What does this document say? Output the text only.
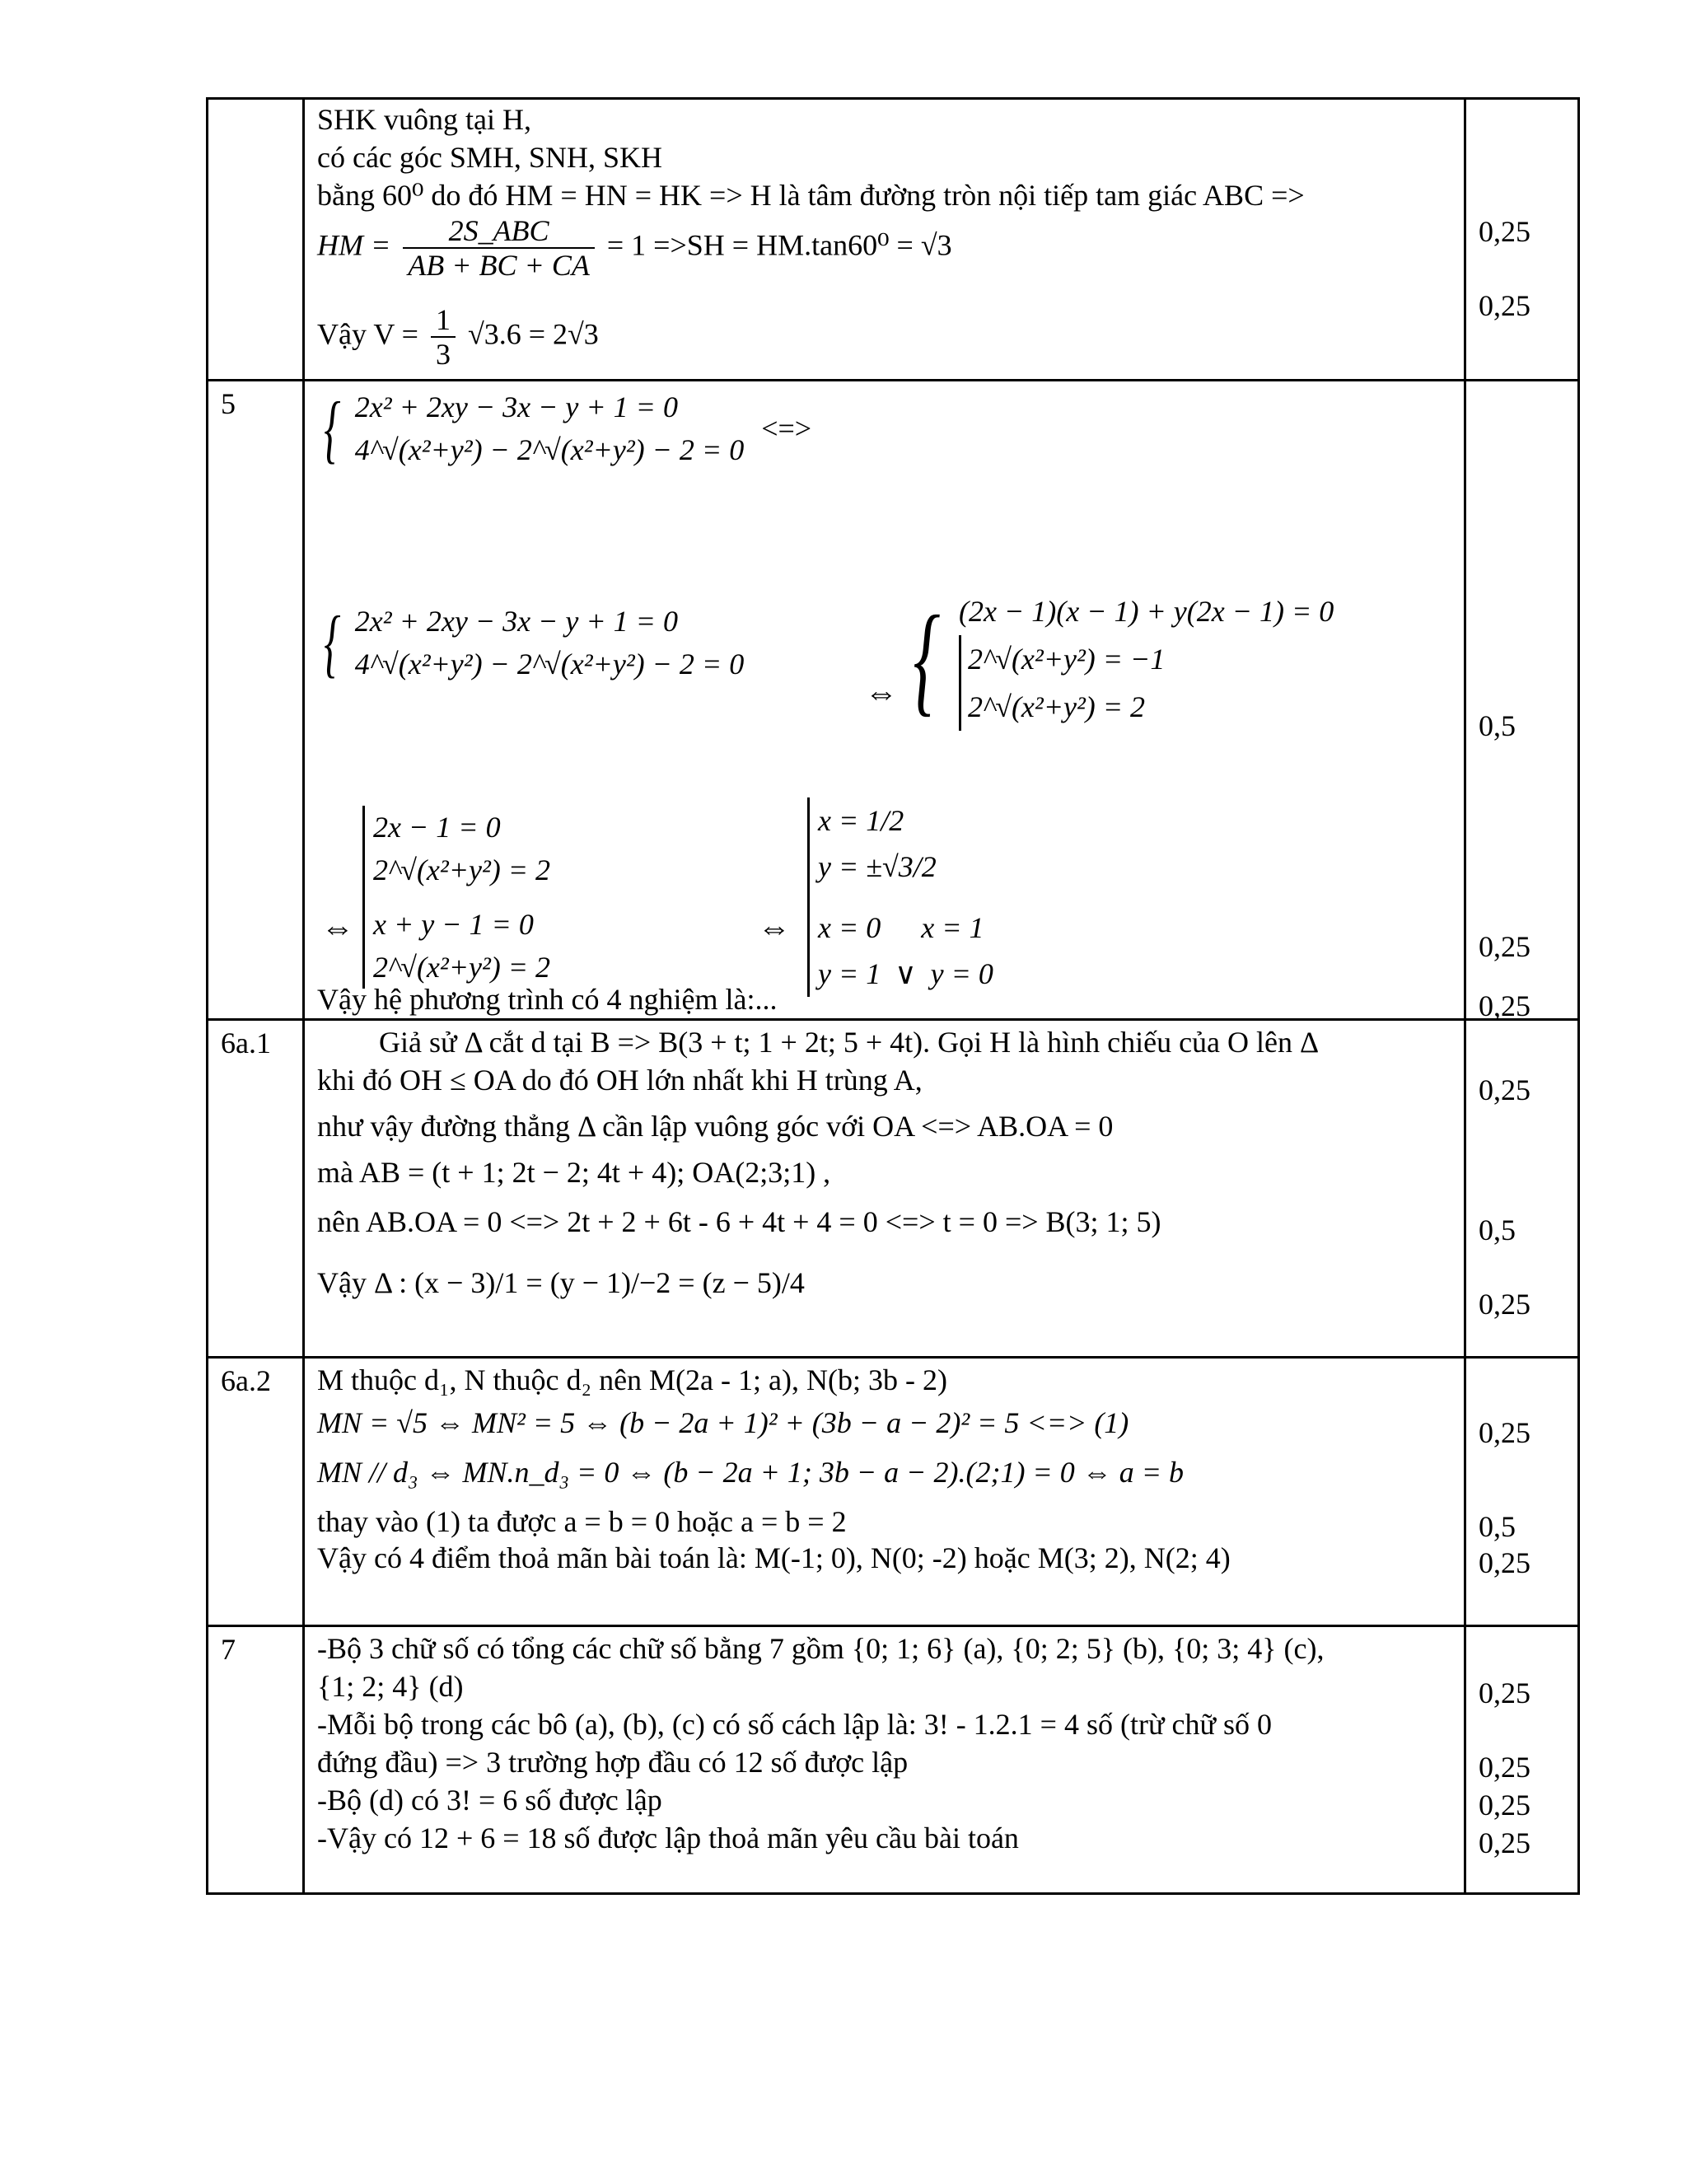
SHK vuông tại H,
có các góc SMH, SNH, SKH
bằng 60⁰ do đó HM = HN = HK => H là tâm đường tròn nội tiếp tam giác ABC =>
HM = $\frac{\text{2S\_ABC}}{AB + BC + CA} = 1 =>SH = HM.\tan 60^0 = √3$
Vậy $V = \frac{1}{3} √3.6 = 2√3$
0,25
0,25
5 { 2x² + 2xy − 3x − y + 1 = 0
4^√(x²+y²) − 2^√(x²+y²) − 2 = 0
<=>
{ 2x² + 2xy − 3x − y + 1 = 0
4^√(x²+y²) − 2^√(x²+y²) − 2 = 0
⇔ { (2x − 1)(x − 1) + y(2x − 1) = 0
2^√(x²+y²) = −1
2^√(x²+y²) = 2
⇔
2x − 1 = 0
2^√(x²+y²) = 2
x + y − 1 = 0
2^√(x²+y²) = 2
⇔
x = 1/2
y = ±√3/2
x = 0 x = 1
y = 1 ∨ y = 0
Vậy hệ phương trình có 4 nghiệm là:...
0,5
0,25
0,25
6a.1	Giả sử Δ cắt d tại B => B(3 + t; 1 + 2t; 5 + 4t). Gọi H là hình chiếu của O lên Δ
khi đó OH ≤ OA do đó OH lớn nhất khi H trùng A,
như vậy đường thẳng Δ cần lập vuông góc với OA <=> AB.OA = 0
mà AB = (t + 1; 2t − 2; 4t + 4); OA(2;3;1) ,
nên AB.OA = 0 <=> 2t + 2 + 6t - 6 + 4t + 4 = 0 <=> t = 0 => B(3; 1; 5)
Vậy Δ : (x − 3)/1 = (y − 1)/−2 = (z − 5)/4
0,25
0,5
0,25
6a.2 M thuộc d₁, N thuộc d₂ nên M(2a - 1; a), N(b; 3b - 2)
MN = √5 ⇔ MN² = 5 ⇔ (b − 2a + 1)² + (3b − a − 2)² = 5 <=> (1)
MN // d₃ ⇔ MN.n_d₃ = 0 ⇔ (b − 2a + 1; 3b − a − 2).(2;1) = 0 ⇔ a = b
thay vào (1) ta được a = b = 0 hoặc a = b = 2
Vậy có 4 điểm thoả mãn bài toán là: M(-1; 0), N(0; -2) hoặc M(3; 2), N(2; 4)
0,25
0,5
0,25
7	-Bộ 3 chữ số có tổng các chữ số bằng 7 gồm {0; 1; 6} (a), {0; 2; 5} (b), {0; 3; 4} (c),
{1; 2; 4} (d)
-Mỗi bộ trong các bô (a), (b), (c) có số cách lập là: 3! - 1.2.1 = 4 số (trừ chữ số 0
đứng đầu) => 3 trường hợp đầu có 12 số được lập
-Bộ (d) có 3! = 6 số được lập
-Vậy có 12 + 6 = 18 số được lập thoả mãn yêu cầu bài toán
0,25
0,25
0,25
0,25
